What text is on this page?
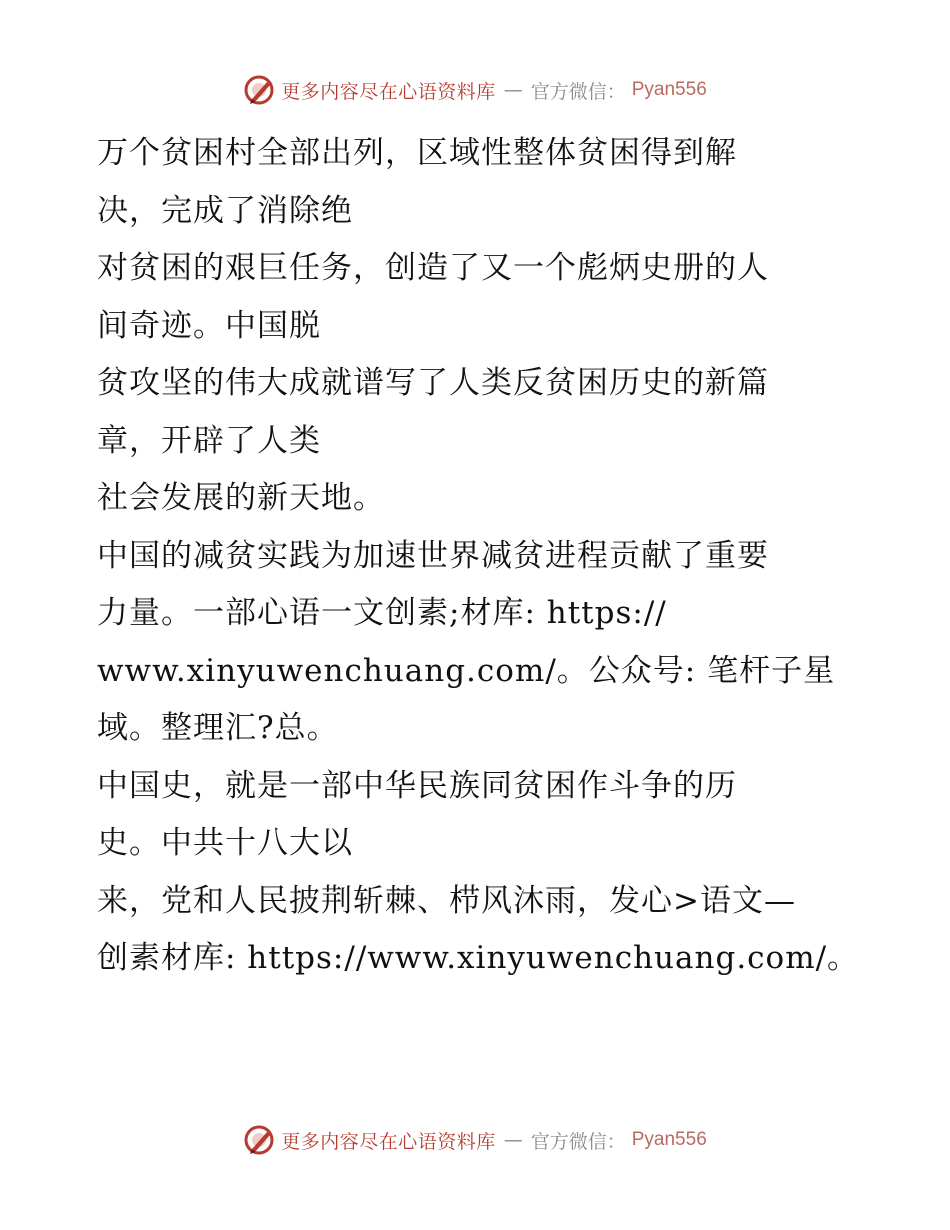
更多内容尽在心语资料库 — 官方微信： Pyan556

万个贫困村全部出列，区域性整体贫困得到解
决，完成了消除绝
对贫困的艰巨任务，创造了又一个彪炳史册的人
间奇迹。中国脱
贫攻坚的伟大成就谱写了人类反贫困历史的新篇
章，开辟了人类
社会发展的新天地。
中国的减贫实践为加速世界减贫进程贡献了重要
力量。一部心语一文创素;材库: https://
www.xinyuwenchuang.com/。公众号: 笔杆子星
域。整理汇?总。
中国史，就是一部中华民族同贫困作斗争的历
史。中共十八大以
来，党和人民披荆斩棘、栉风沐雨，发心>语文—
创素材库: https://www.xinyuwenchuang.com/。

更多内容尽在心语资料库 — 官方微信： Pyan556
